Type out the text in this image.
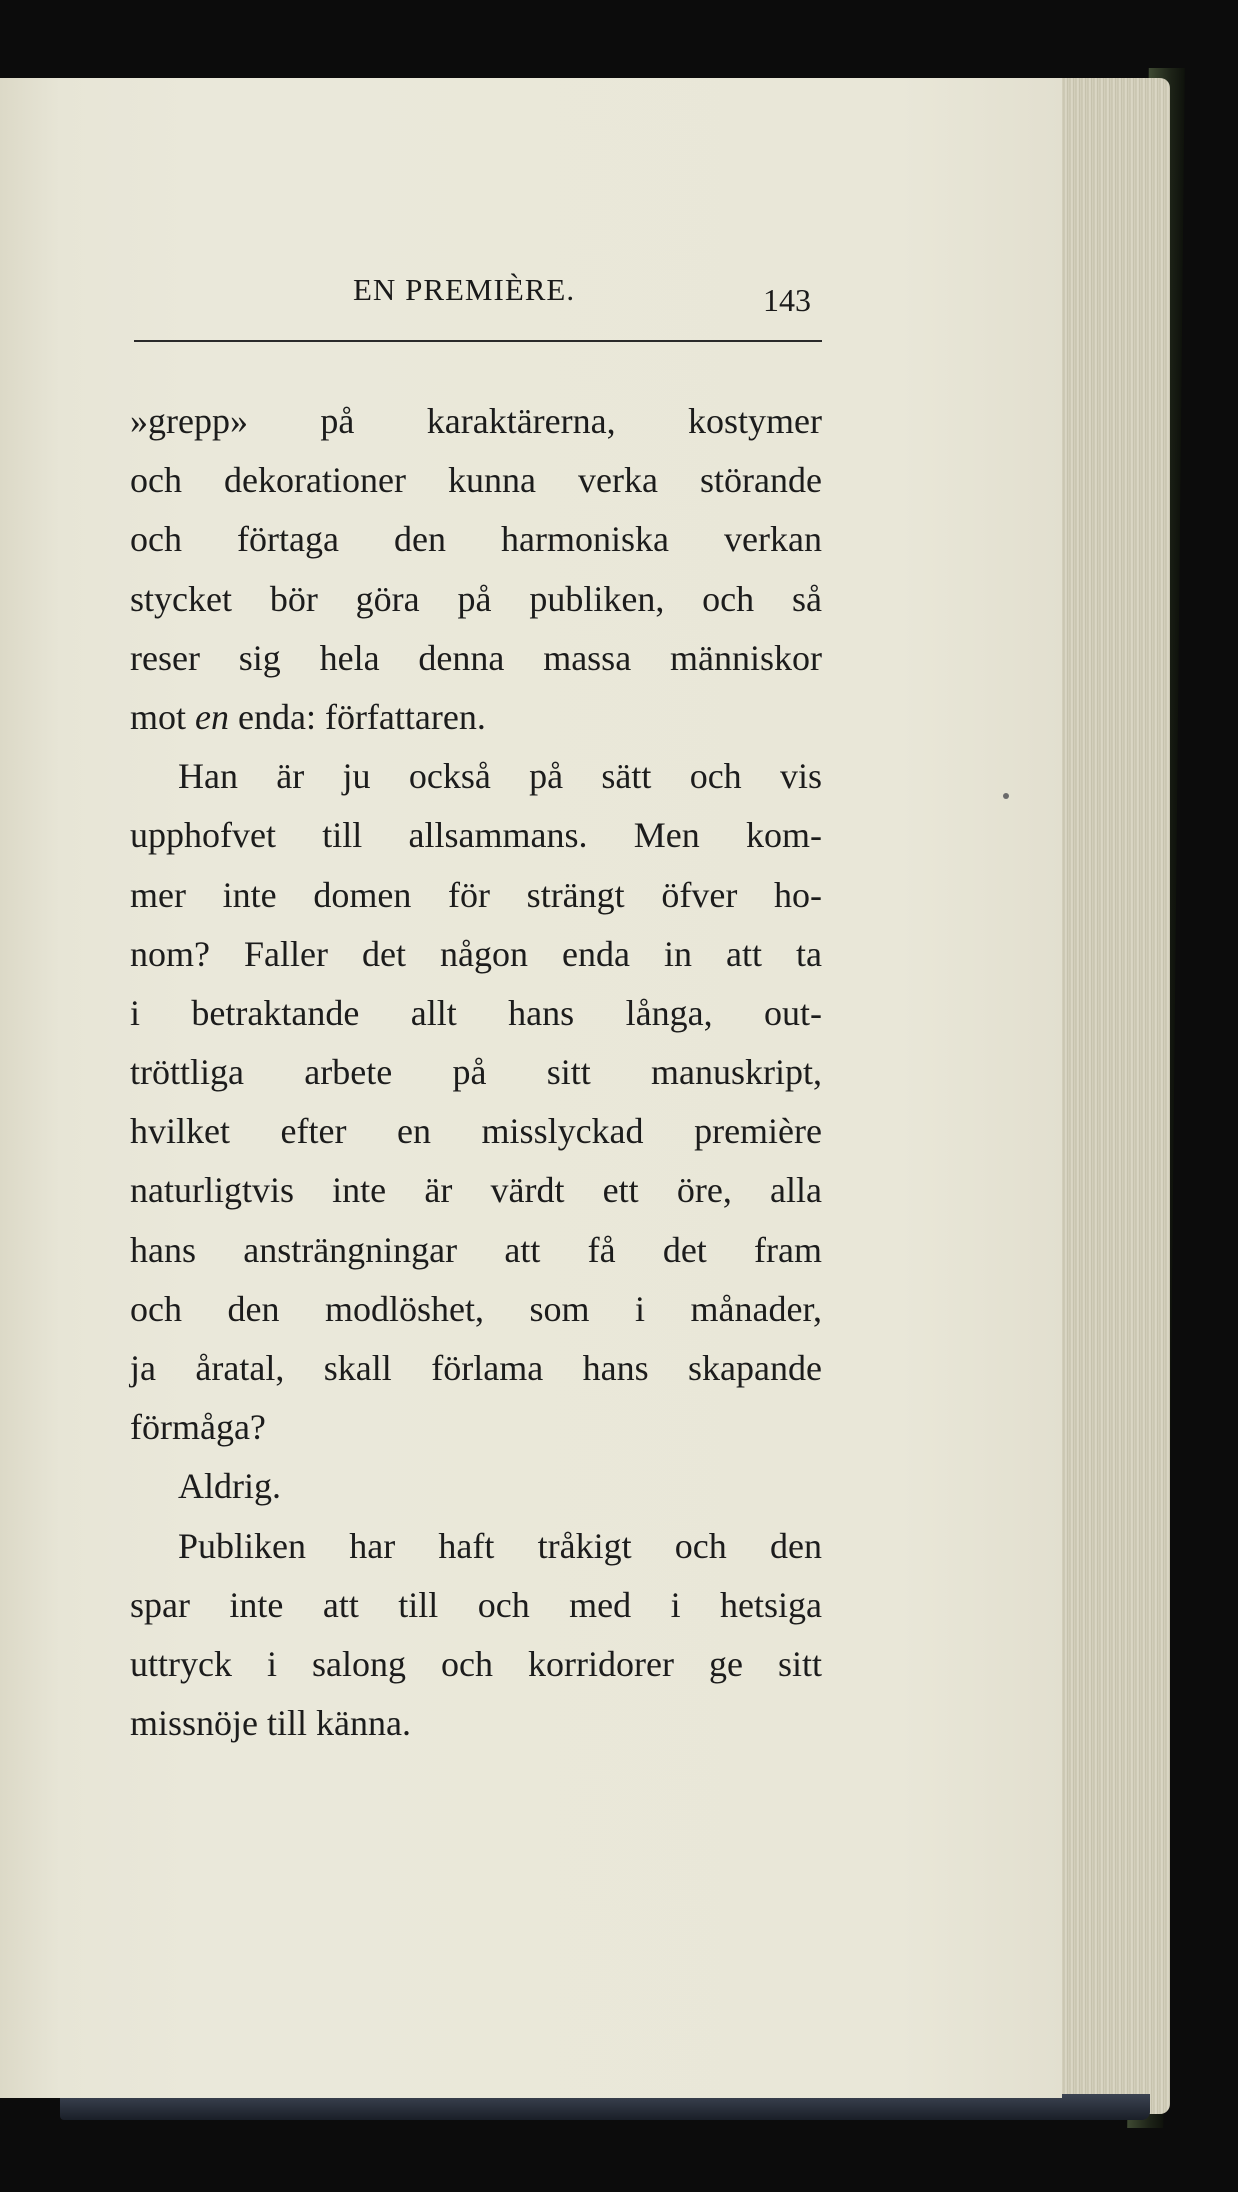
EN PREMIÈRE.	143
»grepp» på karaktärerna, kostymer
och dekorationer kunna verka störande
och förtaga den harmoniska verkan
stycket bör göra på publiken, och så
reser sig hela denna massa människor
mot en enda: författaren.
Han är ju också på sätt och vis
upphofvet till allsammans. Men kom-
mer inte domen för strängt öfver ho-
nom? Faller det någon enda in att ta
i betraktande allt hans långa, out-
tröttliga arbete på sitt manuskript,
hvilket efter en misslyckad première
naturligtvis inte är värdt ett öre, alla
hans ansträngningar att få det fram
och den modlöshet, som i månader,
ja åratal, skall förlama hans skapande
förmåga?
Aldrig.
Publiken har haft tråkigt och den
spar inte att till och med i hetsiga
uttryck i salong och korridorer ge sitt
missnöje till känna.
